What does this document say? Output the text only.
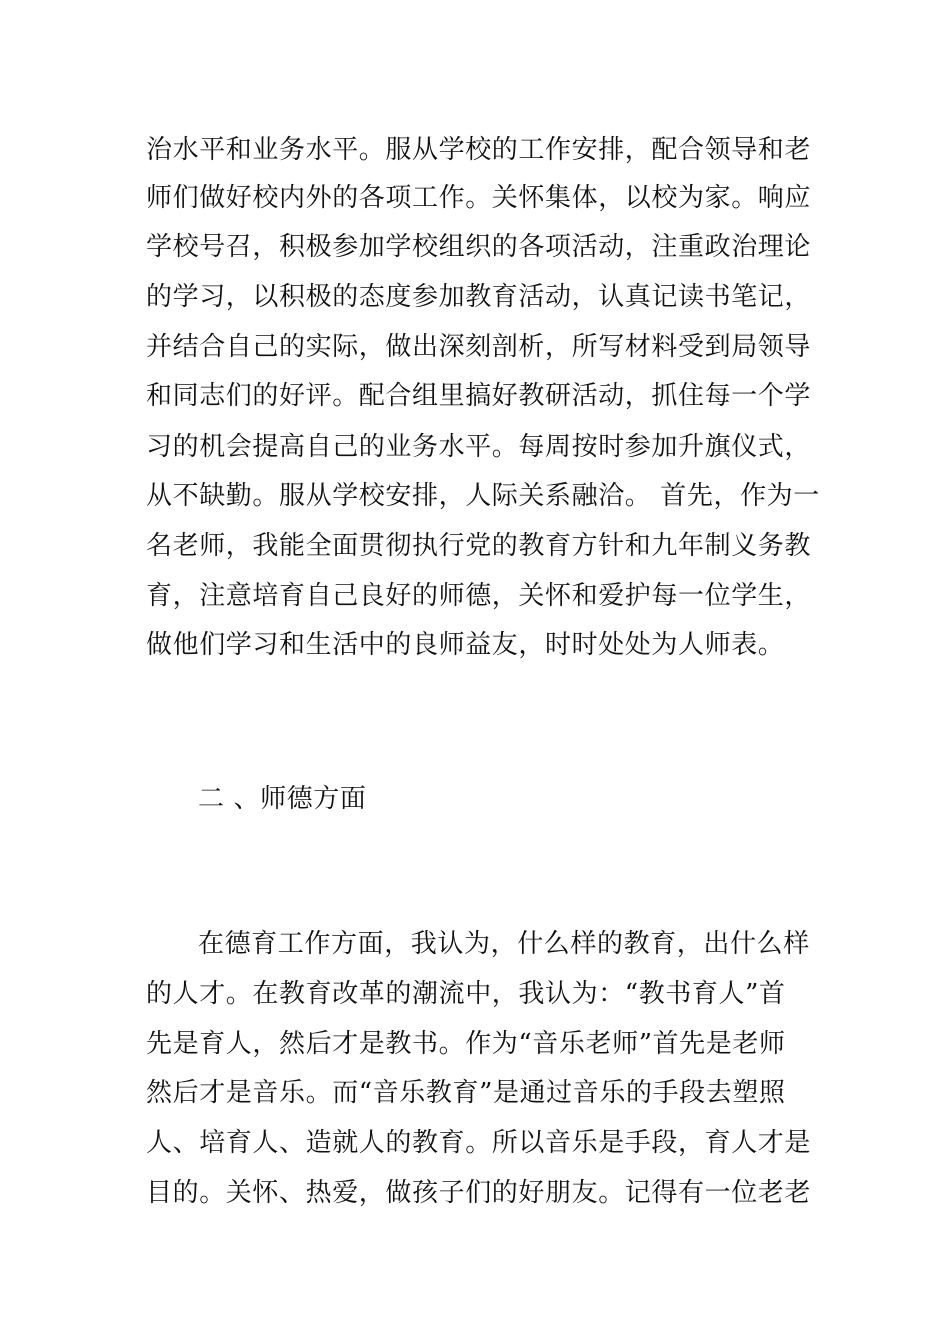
治水平和业务水平。服从学校的工作安排，配合领导和老
师们做好校内外的各项工作。关怀集体，以校为家。响应
学校号召，积极参加学校组织的各项活动，注重政治理论
的学习，以积极的态度参加教育活动，认真记读书笔记，
并结合自己的实际，做出深刻剖析，所写材料受到局领导
和同志们的好评。配合组里搞好教研活动，抓住每一个学
习的机会提高自己的业务水平。每周按时参加升旗仪式，
从不缺勤。服从学校安排，人际关系融洽。 首先，作为一
名老师，我能全面贯彻执行党的教育方针和九年制义务教
育，注意培育自己良好的师德，关怀和爱护每一位学生，
做他们学习和生活中的良师益友，时时处处为人师表。
二 、师德方面
在德育工作方面，我认为，什么样的教育，出什么样
的人才。在教育改革的潮流中，我认为：“教书育人”首
先是育人，然后才是教书。作为“音乐老师”首先是老师
然后才是音乐。而“音乐教育”是通过音乐的手段去塑照
人、培育人、造就人的教育。所以音乐是手段，育人才是
目的。关怀、热爱，做孩子们的好朋友。记得有一位老老
